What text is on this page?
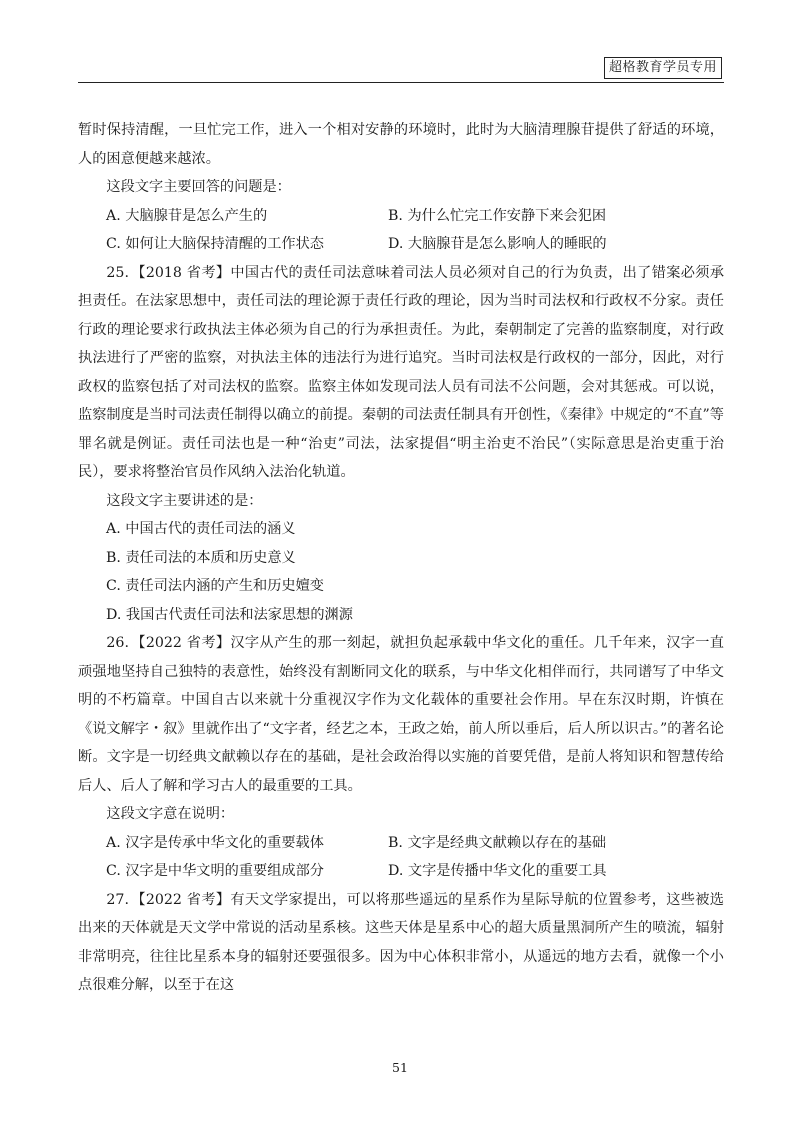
超格教育学员专用

暂时保持清醒，一旦忙完工作，进入一个相对安静的环境时，此时为大脑清理腺苷提供了舒适的环境，人的困意便越来越浓。

这段文字主要回答的问题是：

A. 大脑腺苷是怎么产生的	B. 为什么忙完工作安静下来会犯困
C. 如何让大脑保持清醒的工作状态	D. 大脑腺苷是怎么影响人的睡眠的

25. 【2018 省考】中国古代的责任司法意味着司法人员必须对自己的行为负责，出了错案必须承担责任。在法家思想中，责任司法的理论源于责任行政的理论，因为当时司法权和行政权不分家。责任行政的理论要求行政执法主体必须为自己的行为承担责任。为此，秦朝制定了完善的监察制度，对行政执法进行了严密的监察，对执法主体的违法行为进行追究。当时司法权是行政权的一部分，因此，对行政权的监察包括了对司法权的监察。监察主体如发现司法人员有司法不公问题，会对其惩戒。可以说，监察制度是当时司法责任制得以确立的前提。秦朝的司法责任制具有开创性，《秦律》中规定的“不直”等罪名就是例证。责任司法也是一种“治吏”司法，法家提倡“明主治吏不治民”（实际意思是治吏重于治民），要求将整治官员作风纳入法治化轨道。

这段文字主要讲述的是：

A. 中国古代的责任司法的涵义

B. 责任司法的本质和历史意义

C. 责任司法内涵的产生和历史嬗变

D. 我国古代责任司法和法家思想的渊源

26. 【2022 省考】汉字从产生的那一刻起，就担负起承载中华文化的重任。几千年来，汉字一直顽强地坚持自己独特的表意性，始终没有割断同文化的联系，与中华文化相伴而行，共同谱写了中华文明的不朽篇章。中国自古以来就十分重视汉字作为文化载体的重要社会作用。早在东汉时期，许慎在《说文解字・叙》里就作出了“文字者，经艺之本，王政之始，前人所以垂后，后人所以识古。”的著名论断。文字是一切经典文献赖以存在的基础，是社会政治得以实施的首要凭借，是前人将知识和智慧传给后人、后人了解和学习古人的最重要的工具。

这段文字意在说明：

A. 汉字是传承中华文化的重要载体	B. 文字是经典文献赖以存在的基础
C. 汉字是中华文明的重要组成部分	D. 文字是传播中华文化的重要工具

27. 【2022 省考】有天文学家提出，可以将那些遥远的星系作为星际导航的位置参考，这些被选出来的天体就是天文学中常说的活动星系核。这些天体是星系中心的超大质量黑洞所产生的喷流，辐射非常明亮，往往比星系本身的辐射还要强很多。因为中心体积非常小，从遥远的地方去看，就像一个小点很难分解，以至于在这

51
